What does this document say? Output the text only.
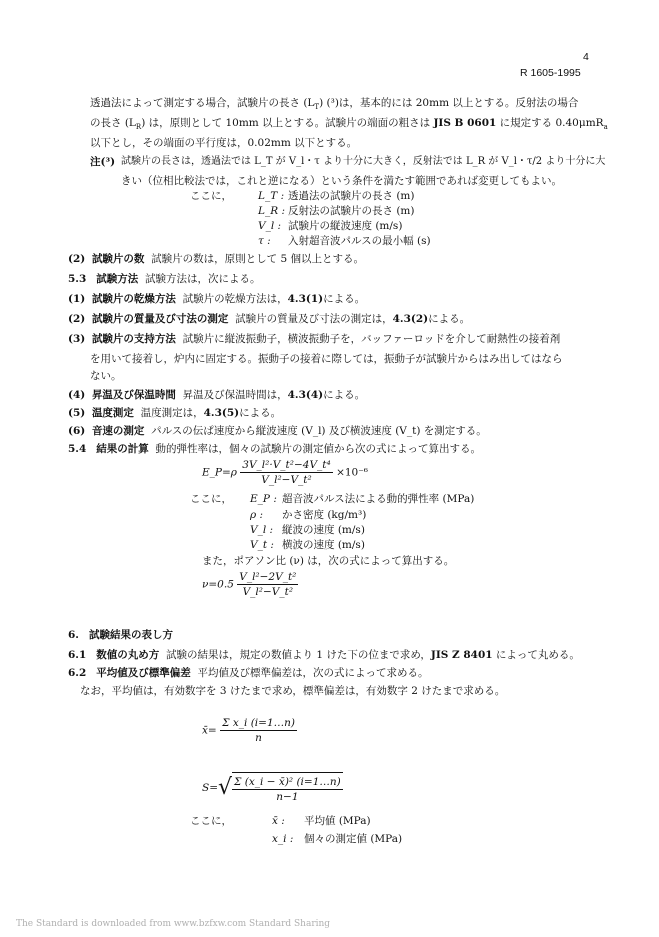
4
R 1605-1995
透過法によって測定する場合，試験片の長さ $(L_T)$ (³)は，基本的には 20mm 以上とする。反射法の場合
の長さ $(L_R)$ は，原則として 10mm 以上とする。試験片の端面の粗さは JIS B 0601 に規定する 0.40μmR$_a$
以下とし，その端面の平行度は，0.02mm 以下とする。
注(³) 試験片の長さは，透過法では L_T が V_l・τ より十分に大きく，反射法では L_R が V_l・τ/2 より十分に大
きい（位相比較法では，これと逆になる）という条件を満たす範囲であれば変更してもよい。
ここに， L_T : 透過法の試験片の長さ (m)
L_R : 反射法の試験片の長さ (m)
V_l : 試験片の縦波速度 (m/s)
τ : 入射超音波パルスの最小幅 (s)
(2) 試験片の数 試験片の数は，原則として 5 個以上とする。
5.3 試験方法 試験方法は，次による。
(1) 試験片の乾燥方法 試験片の乾燥方法は，4.3(1)による。
(2) 試験片の質量及び寸法の測定 試験片の質量及び寸法の測定は，4.3(2)による。
(3) 試験片の支持方法 試験片に縦波振動子，横波振動子を，バッファーロッドを介して耐熱性の接着剤
を用いて接着し，炉内に固定する。振動子の接着に際しては，振動子が試験片からはみ出してはなら
ない。
(4) 昇温及び保温時間 昇温及び保温時間は，4.3(4)による。
(5) 温度測定 温度測定は，4.3(5)による。
(6) 音速の測定 パルスの伝ぱ速度から縦波速度 (V_l) 及び横波速度 (V_t) を測定する。
5.4 結果の計算 動的弾性率は，個々の試験片の測定値から次の式によって算出する。
E_P=ρ $\frac{\text{3V\_l²·V\_t²−4V\_t⁴}}{\text{V\_l²−V\_t²}} \times 10^{-6}$
ここに， E_P : 超音波パルス法による動的弾性率 (MPa)
ρ : かさ密度 (kg/m³)
V_l : 縦波の速度 (m/s)
V_t : 横波の速度 (m/s)
また，ポアソン比 (ν) は，次の式によって算出する。
$\nu=0.5 \frac{\text{V\_l²−2V\_t²}}{\text{V\_l²−V\_t²}}$
6. 試験結果の表し方
6.1 数値の丸め方 試験の結果は，規定の数値より 1 けた下の位まで求め，JIS Z 8401 によって丸める。
6.2 平均値及び標準偏差 平均値及び標準偏差は，次の式によって求める。
なお，平均値は，有効数字を 3 けたまで求め，標準偏差は，有効数字 2 けたまで求める。
x̄= $\frac{\text{Σ x\_i (i=1…n)}}{n}$
$S=√ \frac{\text{Σ (x\_i − x̄)² (i=1…n)}}{n-1}$
ここに，	x̄ : 平均値 (MPa)
x_i : 個々の測定値 (MPa)
The Standard is downloaded from www.bzfxw.com Standard Sharing
